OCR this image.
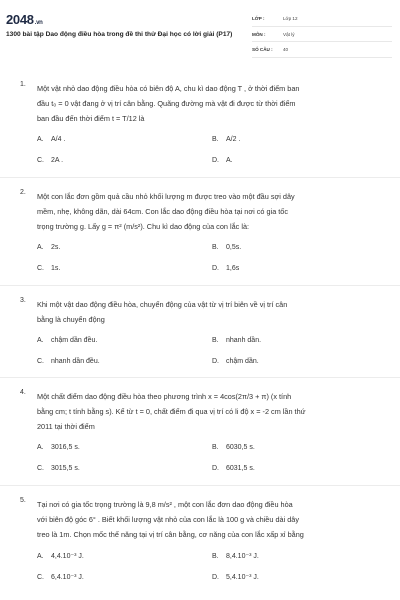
2048.vn
1300 bài tập Dao động điều hòa trong đề thi thử Đại học có lời giải (P17)
LỚP :	Lớp 12
MÔN :	Vật lý
SỐ CÂU : 40
1. Một vật nhỏ dao động điều hòa có biên độ A, chu kì dao động T , ở thời điểm ban
đầu t₀ = 0 vật đang ở vị trí cân bằng. Quãng đường mà vật đi được từ thời điểm
ban đầu đến thời điểm t = T/12 là
A. A/4 .	B. A/2 .
C. 2A .	D. A.
2. Một con lắc đơn gồm quả cầu nhỏ khối lượng m được treo vào một đầu sợi dây
mềm, nhẹ, không dãn, dài 64cm. Con lắc dao động điều hòa tại nơi có gia tốc
trọng trường g. Lấy g = π² (m/s²). Chu kì dao động của con lắc là:
A. 2s.	B. 0,5s.
C. 1s.	D. 1,6s
3. Khi một vật dao động điều hòa, chuyển động của vật từ vị trí biên về vị trí cân
bằng là chuyển động
A. chậm dần đều.	B. nhanh dần.
C. nhanh dần đều.	D. chậm dần.
4. Một chất điểm dao động điều hòa theo phương trình x = 4cos(2π/3 + π) (x tính
bằng cm; t tính bằng s). Kể từ t = 0, chất điểm đi qua vị trí có li độ x = -2 cm lần thứ
2011 tại thời điểm
A. 3016,5 s.	B. 6030,5 s.
C. 3015,5 s.	D. 6031,5 s.
5. Tại nơi có gia tốc trọng trường là 9,8 m/s² , một con lắc đơn dao động điều hòa
với biên độ góc 6° . Biết khối lượng vật nhỏ của con lắc là 100 g và chiều dài dây
treo là 1m. Chọn mốc thế năng tại vị trí cân bằng, cơ năng của con lắc xấp xỉ bằng
A. 4,4.10⁻³ J.	B. 8,4.10⁻³ J.
C. 6,4.10⁻³ J.	D. 5,4.10⁻³ J.
